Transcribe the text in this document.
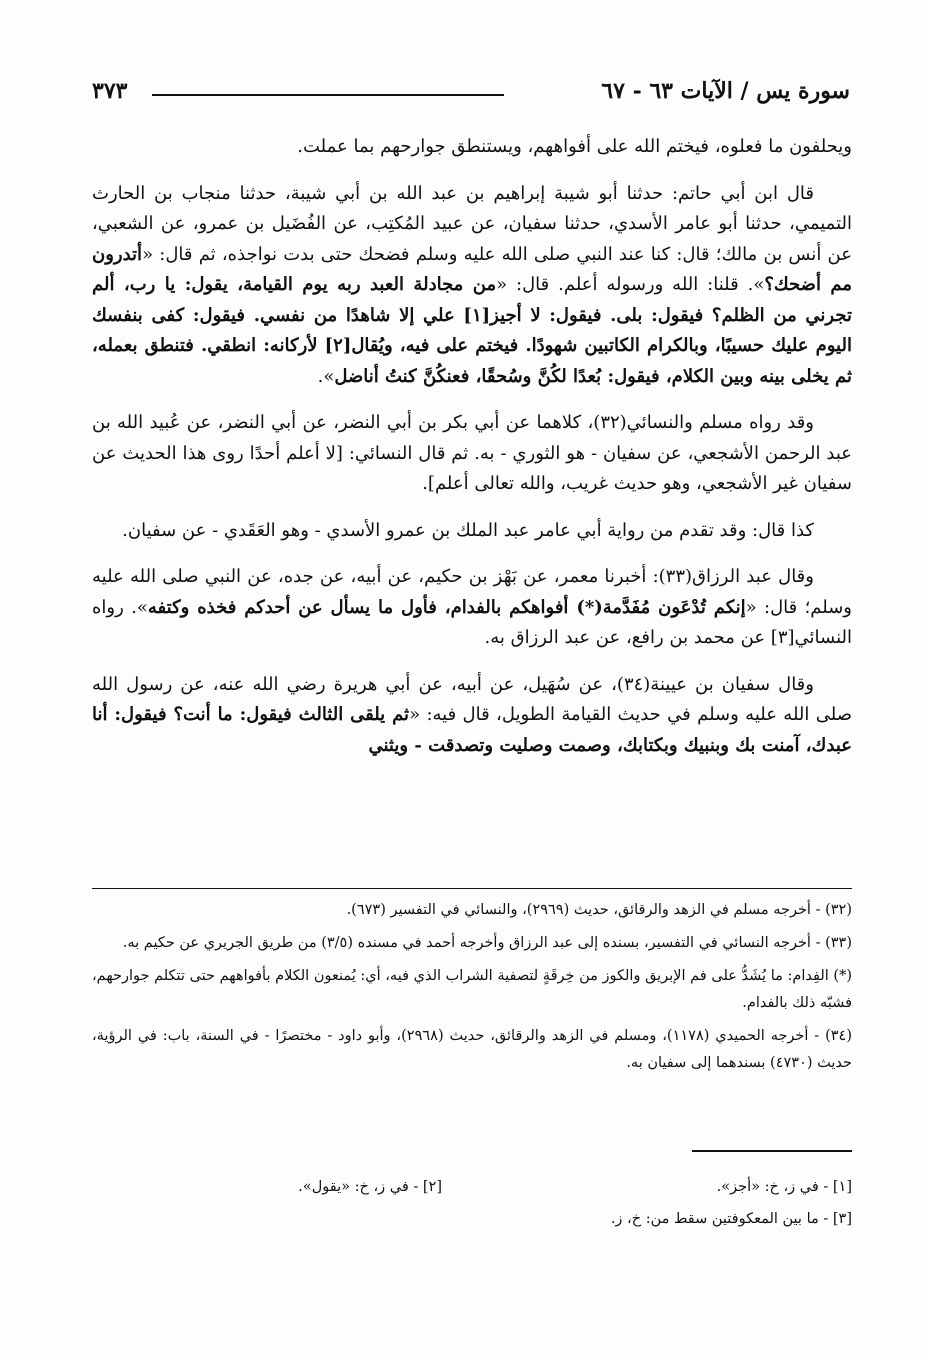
سورة يس / الآيات ٦٣ - ٦٧
٣٧٣

ويحلفون ما فعلوه، فيختم الله على أفواههم، ويستنطق جوارحهم بما عملت.

قال ابن أبي حاتم: حدثنا أبو شيبة إبراهيم بن عبد الله بن أبي شيبة، حدثنا منجاب بن الحارث التميمي، حدثنا أبو عامر الأسدي، حدثنا سفيان، عن عبيد المُكتِب، عن الفُضَيل بن عمرو، عن الشعبي، عن أنس بن مالك؛ قال: كنا عند النبي صلى الله عليه وسلم فضحك حتى بدت نواجذه، ثم قال: «أتدرون مم أضحك؟». قلنا: الله ورسوله أعلم. قال: «من مجادلة العبد ربه يوم القيامة، يقول: يا رب، ألم تجرني من الظلم؟ فيقول: بلى. فيقول: لا أجيز[١] علي إلا شاهدًا من نفسي. فيقول: كفى بنفسك اليوم عليك حسيبًا، وبالكرام الكاتبين شهودًا. فيختم على فيه، ويُقال[٢] لأركانه: انطقي. فتنطق بعمله، ثم يخلى بينه وبين الكلام، فيقول: بُعدًا لكُنَّ وسُحقًا، فعنكُنَّ كنتُ أناضل».

وقد رواه مسلم والنسائي(٣٢)، كلاهما عن أبي بكر بن أبي النضر، عن أبي النضر، عن عُبيد الله بن عبد الرحمن الأشجعي، عن سفيان - هو الثوري - به. ثم قال النسائي: [لا أعلم أحدًا روى هذا الحديث عن سفيان غير الأشجعي، وهو حديث غريب، والله تعالى أعلم].

كذا قال: وقد تقدم من رواية أبي عامر عبد الملك بن عمرو الأسدي - وهو العَقَدي - عن سفيان.

وقال عبد الرزاق(٣٣): أخبرنا معمر، عن بَهْز بن حكيم، عن أبيه، عن جده، عن النبي صلى الله عليه وسلم؛ قال: «إنكم تُدْعَون مُفَدَّمة(*) أفواهكم بالفدام، فأول ما يسأل عن أحدكم فخذه وكتفه». رواه النسائي[٣] عن محمد بن رافع، عن عبد الرزاق به.

وقال سفيان بن عيينة(٣٤)، عن سُهَيل، عن أبيه، عن أبي هريرة رضي الله عنه، عن رسول الله صلى الله عليه وسلم في حديث القيامة الطويل، قال فيه: «ثم يلقى الثالث فيقول: ما أنت؟ فيقول: أنا عبدك، آمنت بك وبنبيك وبكتابك، وصمت وصليت وتصدقت - ويثني

(٣٢) - أخرجه مسلم في الزهد والرقائق، حديث (٢٩٦٩)، والنسائي في التفسير (٦٧٣).

(٣٣) - أخرجه النسائي في التفسير، بسنده إلى عبد الرزاق وأخرجه أحمد في مسنده (٣/٥) من طريق الجريري عن حكيم به.

(*) الفِدام: ما يُشَدُّ على فم الإبريق والكوز من خِرقَةٍ لتصفية الشراب الذي فيه، أي: يُمنعون الكلام بأفواههم حتى تتكلم جوارحهم، فشبّه ذلك بالفدام.

(٣٤) - أخرجه الحميدي (١١٧٨)، ومسلم في الزهد والرقائق، حديث (٢٩٦٨)، وأبو داود - مختصرًا - في السنة، باب: في الرؤية، حديث (٤٧٣٠) بسندهما إلى سفيان به.

[١] - في ز، خ: «أجز».
[٢] - في ز، خ: «يقول».
[٣] - ما بين المعكوفتين سقط من: خ، ز.
